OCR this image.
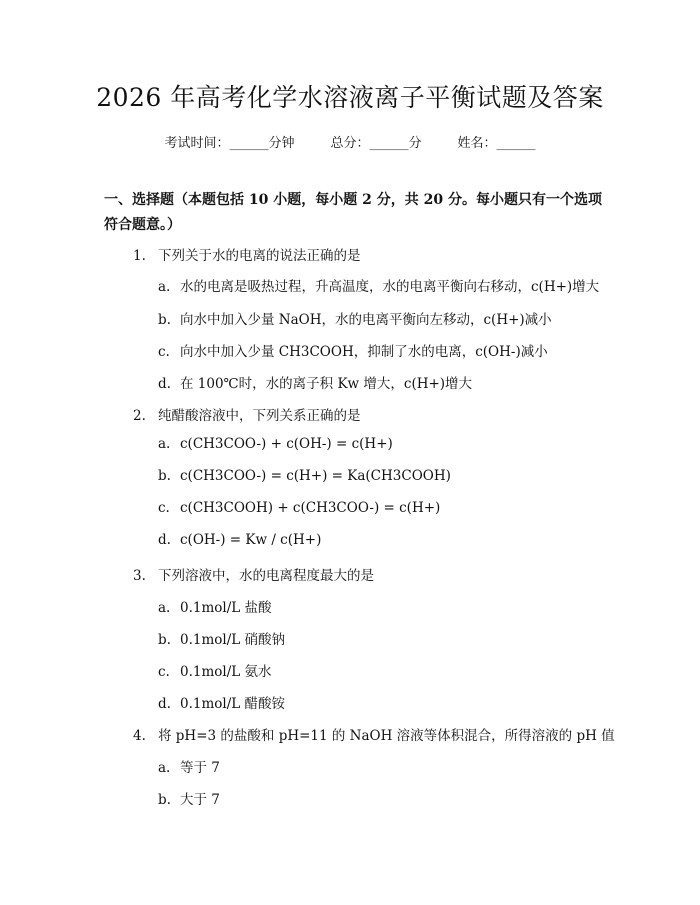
2026 年高考化学水溶液离子平衡试题及答案
考试时间：______分钟	总分：______分	姓名：______
一、选择题（本题包括 10 小题，每小题 2 分，共 20 分。每小题只有一个选项符合题意。）
1. 下列关于水的电离的说法正确的是
a. 水的电离是吸热过程，升高温度，水的电离平衡向右移动，c(H+)增大
b. 向水中加入少量 NaOH，水的电离平衡向左移动，c(H+)减小
c. 向水中加入少量 CH3COOH，抑制了水的电离，c(OH-)减小
d. 在 100℃时，水的离子积 Kw 增大，c(H+)增大
2. 纯醋酸溶液中，下列关系正确的是
a. c(CH3COO-) + c(OH-) = c(H+)
b. c(CH3COO-) = c(H+) = Ka(CH3COOH)
c. c(CH3COOH) + c(CH3COO-) = c(H+)
d. c(OH-) = Kw / c(H+)
3. 下列溶液中，水的电离程度最大的是
a. 0.1mol/L 盐酸
b. 0.1mol/L 硝酸钠
c. 0.1mol/L 氨水
d. 0.1mol/L 醋酸铵
4. 将 pH=3 的盐酸和 pH=11 的 NaOH 溶液等体积混合，所得溶液的 pH 值
a. 等于 7
b. 大于 7
